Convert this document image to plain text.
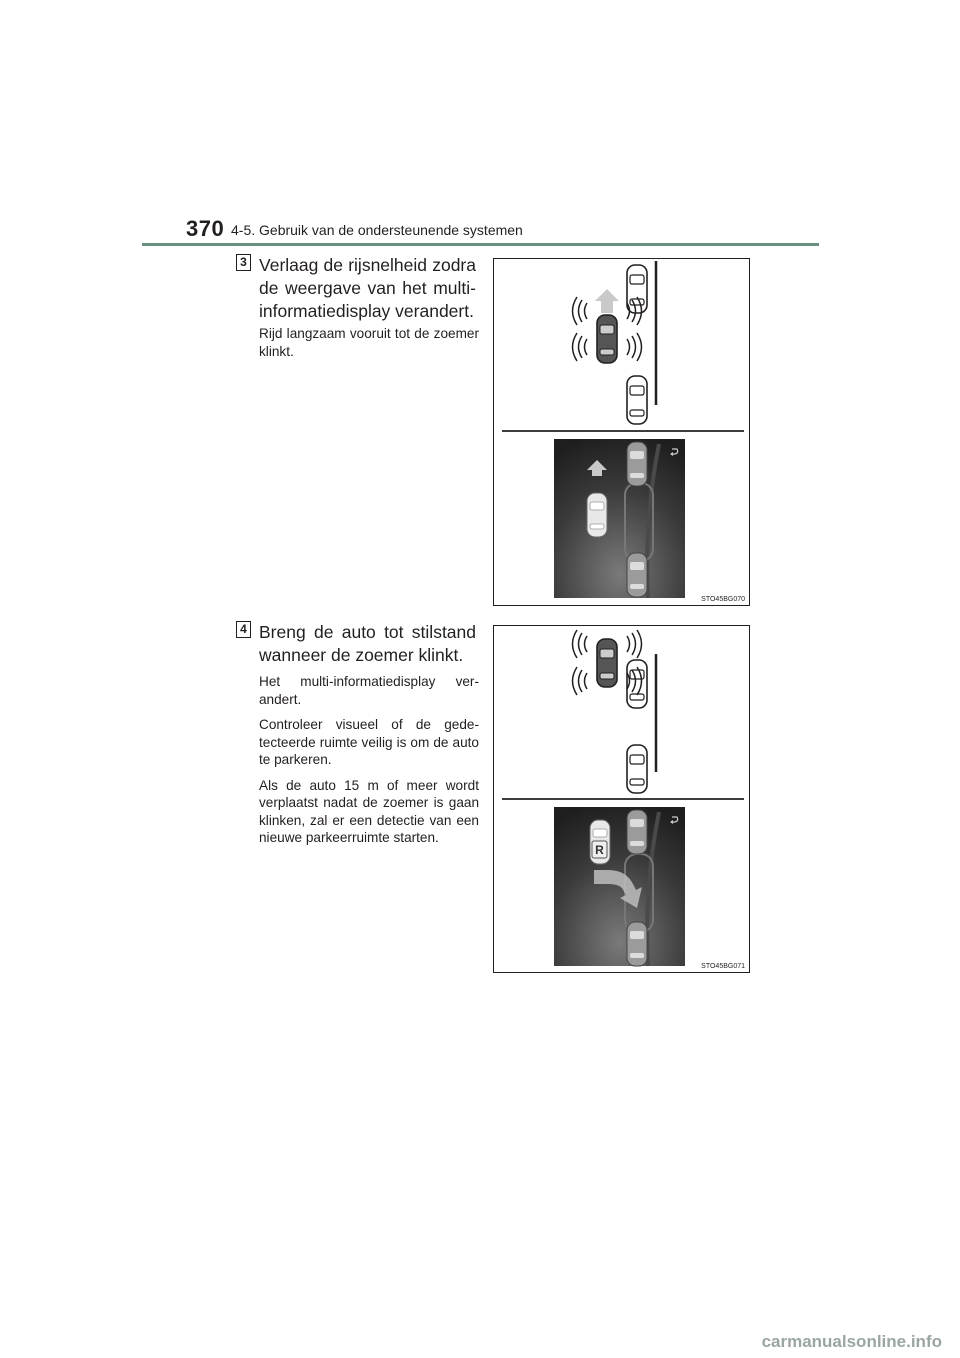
370 4-5. Gebruik van de ondersteunende systemen
3 Verlaag de rijsnelheid zodra de weergave van het multi-informatiedisplay verandert.

Rijd langzaam vooruit tot de zoemer klinkt.

STO45BG070
4 Breng de auto tot stilstand wanneer de zoemer klinkt.

Het multi-informatiedisplay ver-andert.

Controleer visueel of de gede-tecteerde ruimte veilig is om de auto te parkeren.

Als de auto 15 m of meer wordt verplaatst nadat de zoemer is gaan klinken, zal er een detectie van een nieuwe parkeerruimte starten.

R
STO45BG071
carmanualsonline.info
